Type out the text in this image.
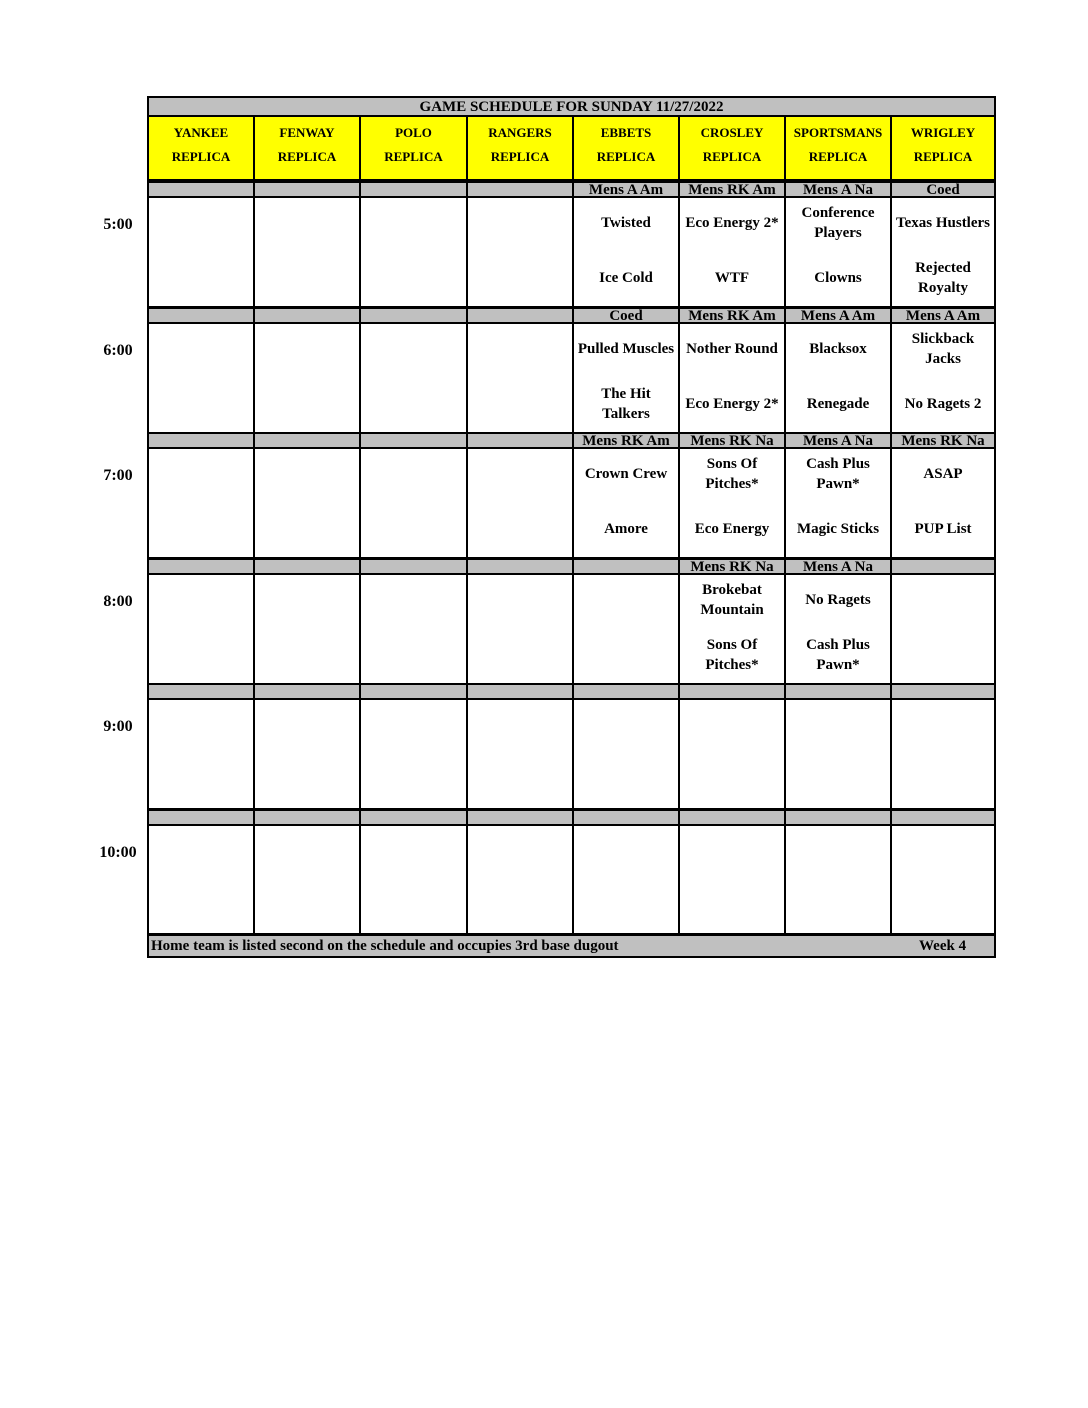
GAME SCHEDULE FOR SUNDAY 11/27/2022
Home team is listed second on the schedule and occupies 3rd base dugout	Week 4
YANKEE
REPLICA
FENWAY
REPLICA
POLO
REPLICA
RANGERS
REPLICA
EBBETS
REPLICA
CROSLEY
REPLICA
SPORTSMANS
REPLICA
WRIGLEY
REPLICA
5:00
Mens A Am
Twisted
Ice Cold
Mens RK Am
Eco Energy 2*
WTF
Mens A Na
Conference Players
Clowns
Coed
Texas Hustlers
Rejected Royalty
6:00
Coed
Pulled Muscles
The Hit Talkers
Mens RK Am
Nother Round
Eco Energy 2*
Mens A Am
Blacksox
Renegade
Mens A Am
Slickback Jacks
No Ragets 2
7:00
Mens RK Am
Crown Crew
Amore
Mens RK Na
Sons Of Pitches*
Eco Energy
Mens A Na
Cash Plus Pawn*
Magic Sticks
Mens RK Na
ASAP
PUP List
8:00
Mens RK Na
Brokebat Mountain
Sons Of Pitches*
Mens A Na
No Ragets
Cash Plus Pawn*
9:00
10:00
